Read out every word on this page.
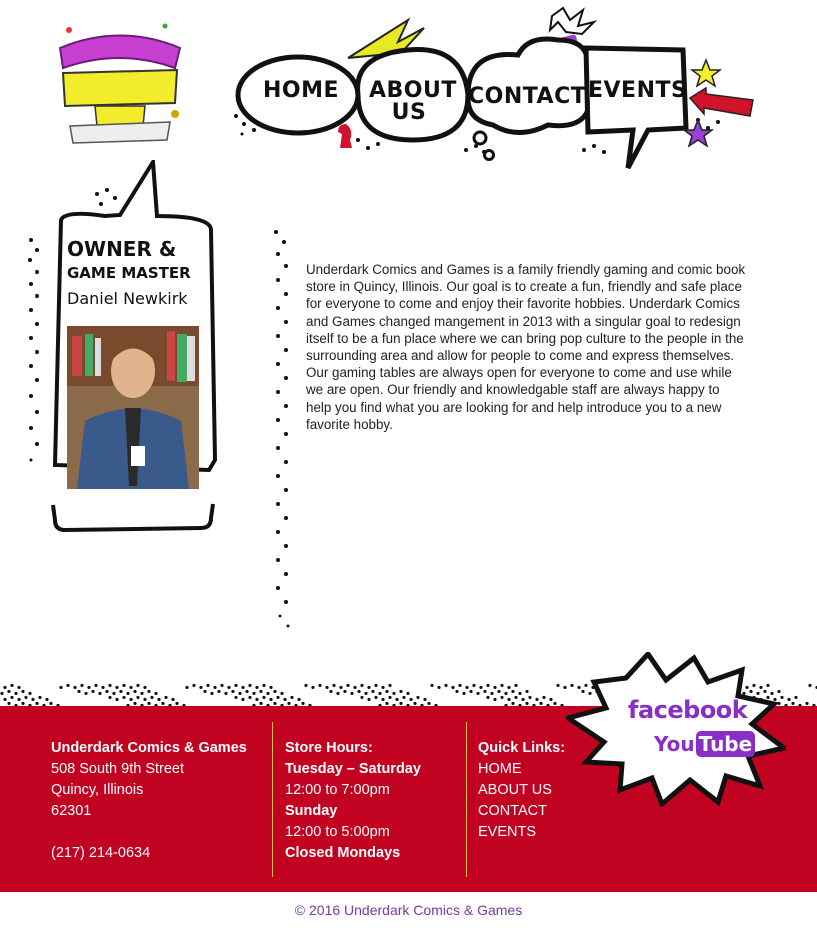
HOME ABOUT
US
CONTACT EVENTS
OWNER &
GAME MASTER
Daniel Newkirk
Underdark Comics and Games is a family friendly gaming and comic book store in Quincy, Illinois. Our goal is to create a fun, friendly and safe place for everyone to come and enjoy their favorite hobbies. Underdark Comics and Games changed mangement in 2013 with a singular goal to redesign itself to be a fun place where we can bring pop culture to the people in the surrounding area and allow for people to come and express themselves. Our gaming tables are always open for everyone to come and use while we are open. Our friendly and knowledgable staff are always happy to help you find what you are looking for and help introduce you to a new favorite hobby.
Underdark Comics & Games
508 South 9th Street
Quincy, Illinois
62301
(217) 214-0634
Store Hours:
Tuesday – Saturday
12:00 to 7:00pm
Sunday
12:00 to 5:00pm
Closed Mondays
Quick Links:
HOME
ABOUT US
CONTACT
EVENTS
facebook
You Tube
© 2016 Underdark Comics & Games
